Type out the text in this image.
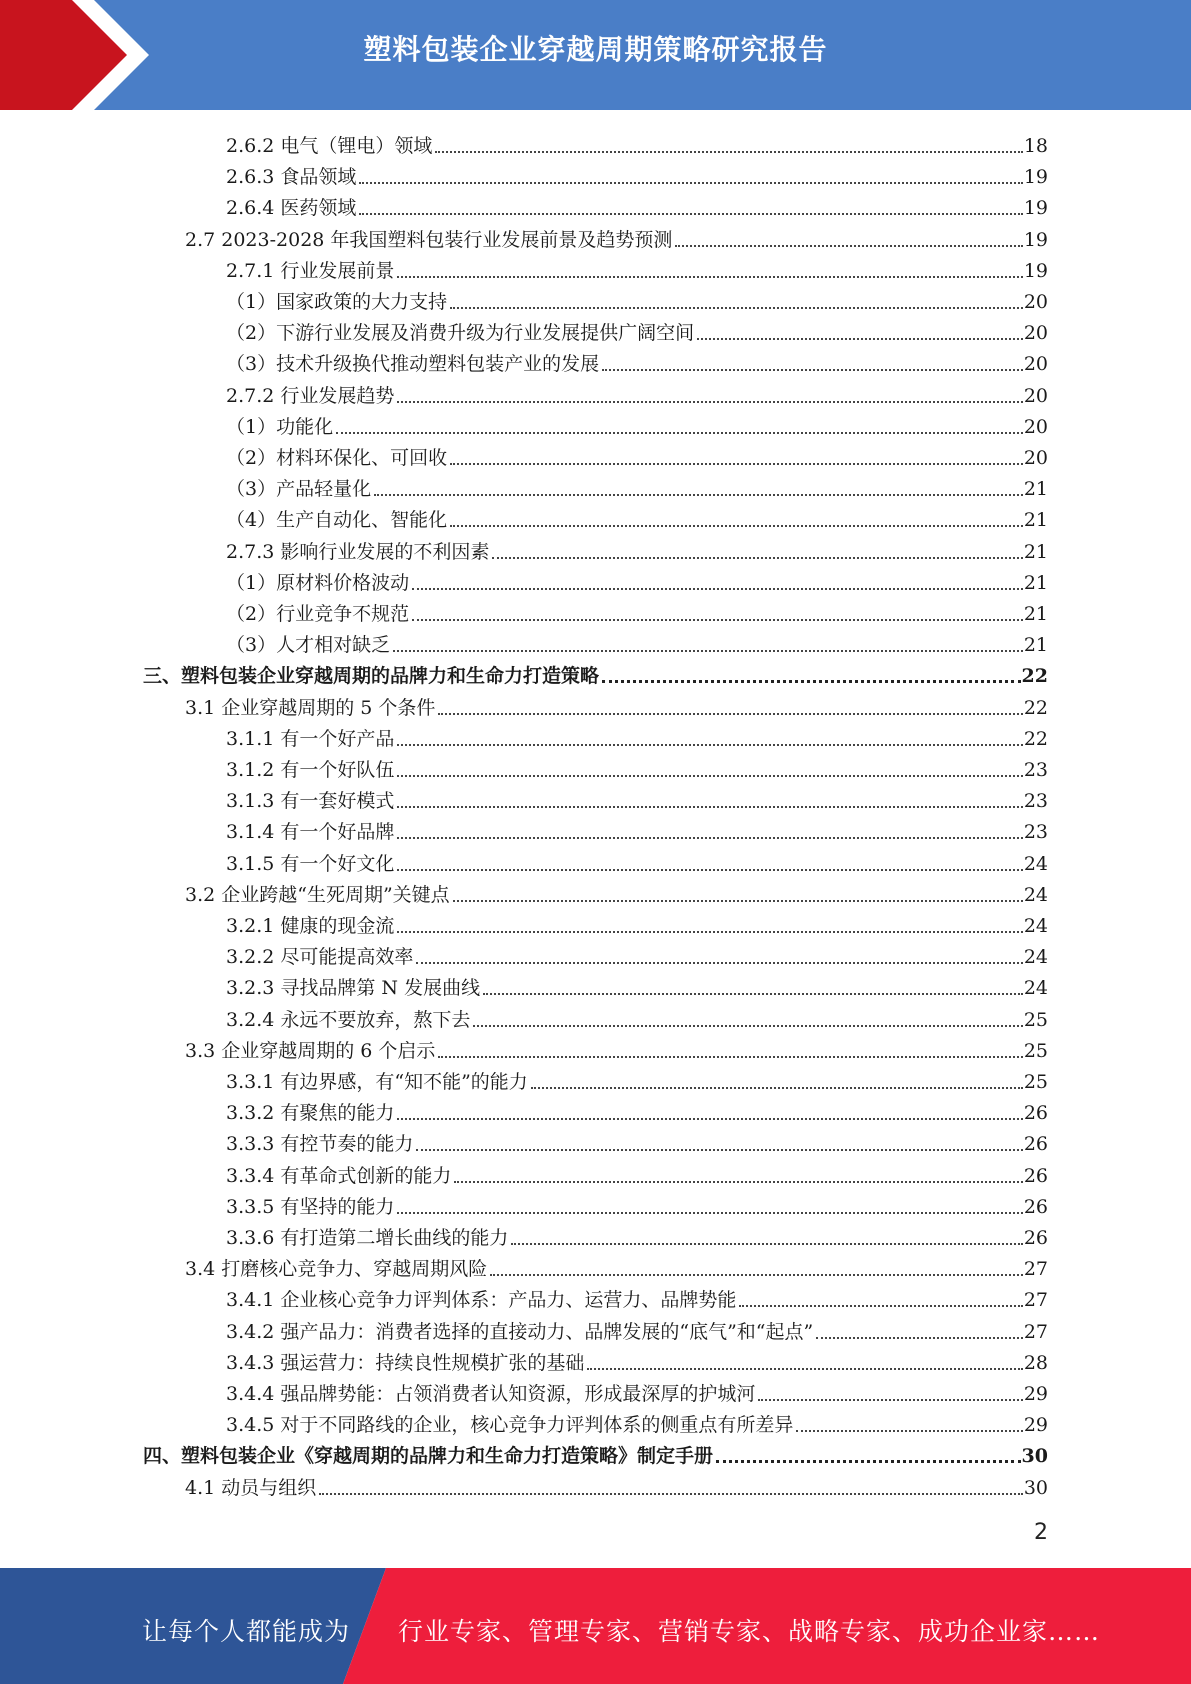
塑料包装企业穿越周期策略研究报告
2.6.2 电气（锂电）领域	18
2.6.3 食品领域	19
2.6.4 医药领域	19
2.7 2023-2028 年我国塑料包装行业发展前景及趋势预测	19
2.7.1 行业发展前景	19
（1）国家政策的大力支持	20
（2）下游行业发展及消费升级为行业发展提供广阔空间	20
（3）技术升级换代推动塑料包装产业的发展	20
2.7.2 行业发展趋势	20
（1）功能化	20
（2）材料环保化、可回收	20
（3）产品轻量化	21
（4）生产自动化、智能化	21
2.7.3 影响行业发展的不利因素	21
（1）原材料价格波动	21
（2）行业竞争不规范	21
（3）人才相对缺乏	21
三、塑料包装企业穿越周期的品牌力和生命力打造策略	22
3.1 企业穿越周期的 5 个条件	22
3.1.1 有一个好产品	22
3.1.2 有一个好队伍	23
3.1.3 有一套好模式	23
3.1.4 有一个好品牌	23
3.1.5 有一个好文化	24
3.2 企业跨越“生死周期”关键点	24
3.2.1 健康的现金流	24
3.2.2 尽可能提高效率	24
3.2.3 寻找品牌第 N 发展曲线	24
3.2.4 永远不要放弃，熬下去	25
3.3 企业穿越周期的 6 个启示	25
3.3.1 有边界感，有“知不能”的能力	25
3.3.2 有聚焦的能力	26
3.3.3 有控节奏的能力	26
3.3.4 有革命式创新的能力	26
3.3.5 有坚持的能力	26
3.3.6 有打造第二增长曲线的能力	26
3.4 打磨核心竞争力、穿越周期风险	27
3.4.1 企业核心竞争力评判体系：产品力、运营力、品牌势能	27
3.4.2 强产品力：消费者选择的直接动力、品牌发展的“底气”和“起点”	27
3.4.3 强运营力：持续良性规模扩张的基础	28
3.4.4 强品牌势能：占领消费者认知资源，形成最深厚的护城河	29
3.4.5 对于不同路线的企业，核心竞争力评判体系的侧重点有所差异	29
四、塑料包装企业《穿越周期的品牌力和生命力打造策略》制定手册	30
4.1 动员与组织	30
2
让每个人都能成为 行业专家、管理专家、营销专家、战略专家、成功企业家……
